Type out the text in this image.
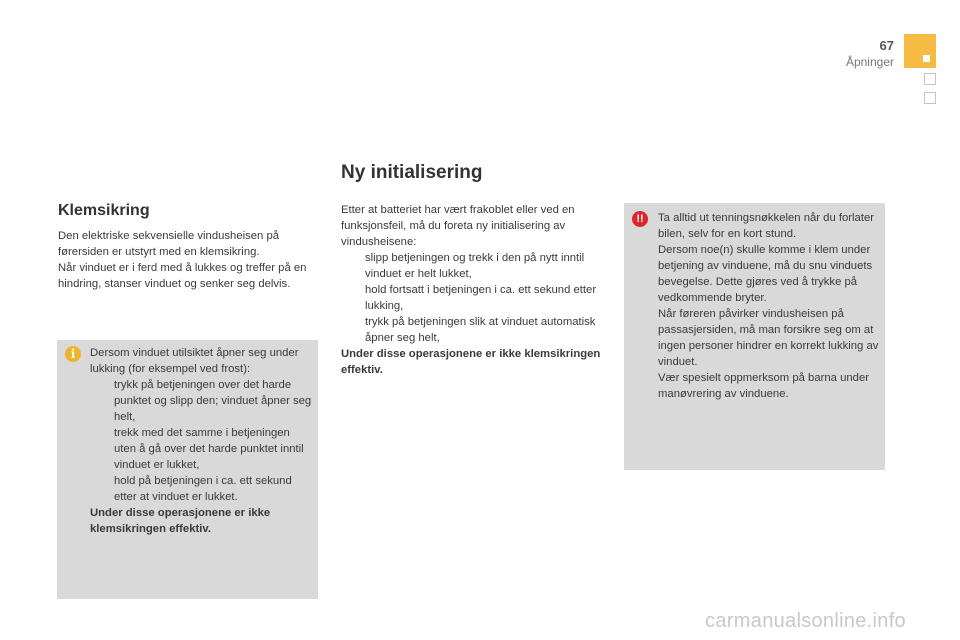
67
Åpninger
Klemsikring

Den elektriske sekvensielle vindusheisen på førersiden er utstyrt med en klemsikring.

Når vinduet er i ferd med å lukkes og treffer på en hindring, stanser vinduet og senker seg delvis.

i	Dersom vinduet utilsiktet åpner seg under lukking (for eksempel ved frost):

trykk på betjeningen over det harde punktet og slipp den; vinduet åpner seg helt,
trekk med det samme i betjeningen uten å gå over det harde punktet inntil vinduet er lukket,
hold på betjeningen i ca. ett sekund etter at vinduet er lukket.

Under disse operasjonene er ikke klemsikringen effektiv.

Ny initialisering

Etter at batteriet har vært frakoblet eller ved en funksjonsfeil, må du foreta ny initialisering av vindusheisene:

slipp betjeningen og trekk i den på nytt inntil vinduet er helt lukket,
hold fortsatt i betjeningen i ca. ett sekund etter lukking,
trykk på betjeningen slik at vinduet automatisk åpner seg helt,

Under disse operasjonene er ikke klemsikringen effektiv.

!!	Ta alltid ut tenningsnøkkelen når du forlater bilen, selv for en kort stund.

Dersom noe(n) skulle komme i klem under betjening av vinduene, må du snu vinduets bevegelse. Dette gjøres ved å trykke på vedkommende bryter.

Når føreren påvirker vindusheisen på passasjersiden, må man forsikre seg om at ingen personer hindrer en korrekt lukking av vinduet.

Vær spesielt oppmerksom på barna under manøvrering av vinduene.

carmanualsonline.info
